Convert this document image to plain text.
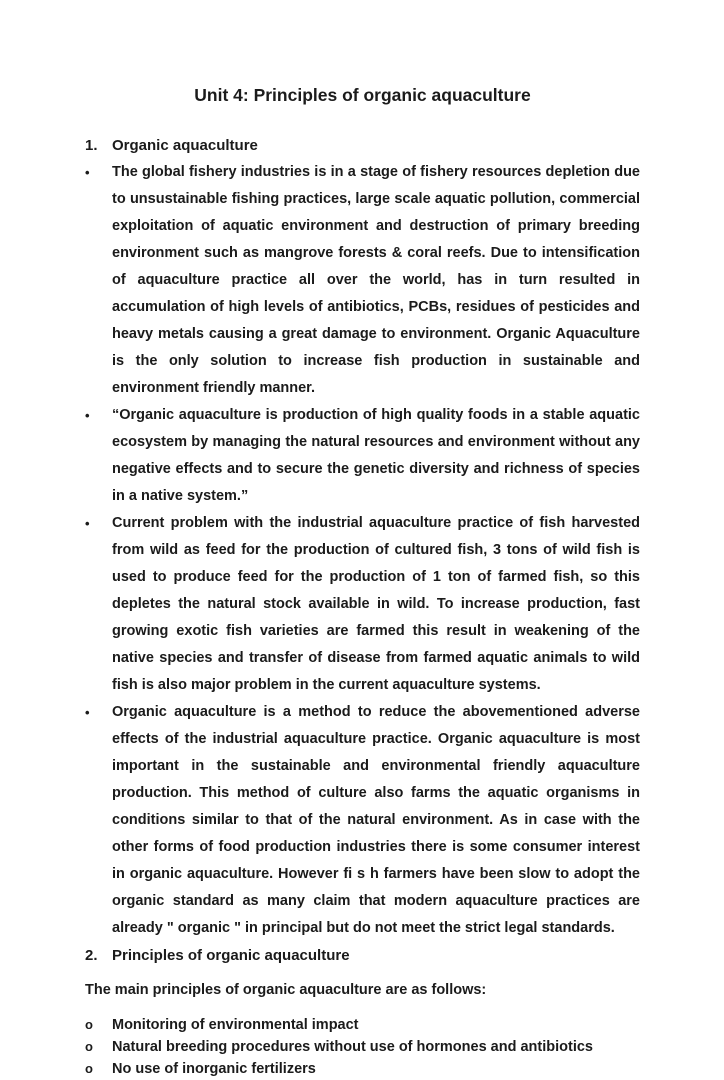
Unit 4: Principles of organic aquaculture
1. Organic aquaculture
•	The global fishery industries is in a stage of fishery resources depletion due to unsustainable fishing practices, large scale aquatic pollution, commercial exploitation of aquatic environment and destruction of primary breeding environment such as mangrove forests & coral reefs. Due to intensification of aquaculture practice all over the world, has in turn resulted in accumulation of high levels of antibiotics, PCBs, residues of pesticides and heavy metals causing a great damage to environment. Organic Aquaculture is the only solution to increase fish production in sustainable and environment friendly manner.

•	“Organic aquaculture is production of high quality foods in a stable aquatic ecosystem by managing the natural resources and environment without any negative effects and to secure the genetic diversity and richness of species in a native system.”

•	Current problem with the industrial aquaculture practice of fish harvested from wild as feed for the production of cultured fish, 3 tons of wild fish is used to produce feed for the production of 1 ton of farmed fish, so this depletes the natural stock available in wild. To increase production, fast growing exotic fish varieties are farmed this result in weakening of the native species and transfer of disease from farmed aquatic animals to wild fish is also major problem in the current aquaculture systems.

•	Organic aquaculture is a method to reduce the abovementioned adverse effects of the industrial aquaculture practice. Organic aquaculture is most important in the sustainable and environmental friendly aquaculture production. This method of culture also farms the aquatic organisms in conditions similar to that of the natural environment. As in case with the other forms of food production industries there is some consumer interest in organic aquaculture. However fi s h farmers have been slow to adopt the organic standard as many claim that modern aquaculture practices are already " organic " in principal but do not meet the strict legal standards.

2. Principles of organic aquaculture

The main principles of organic aquaculture are as follows:

o	Monitoring of environmental impact
o	Natural breeding procedures without use of hormones and antibiotics
o	No use of inorganic fertilizers
